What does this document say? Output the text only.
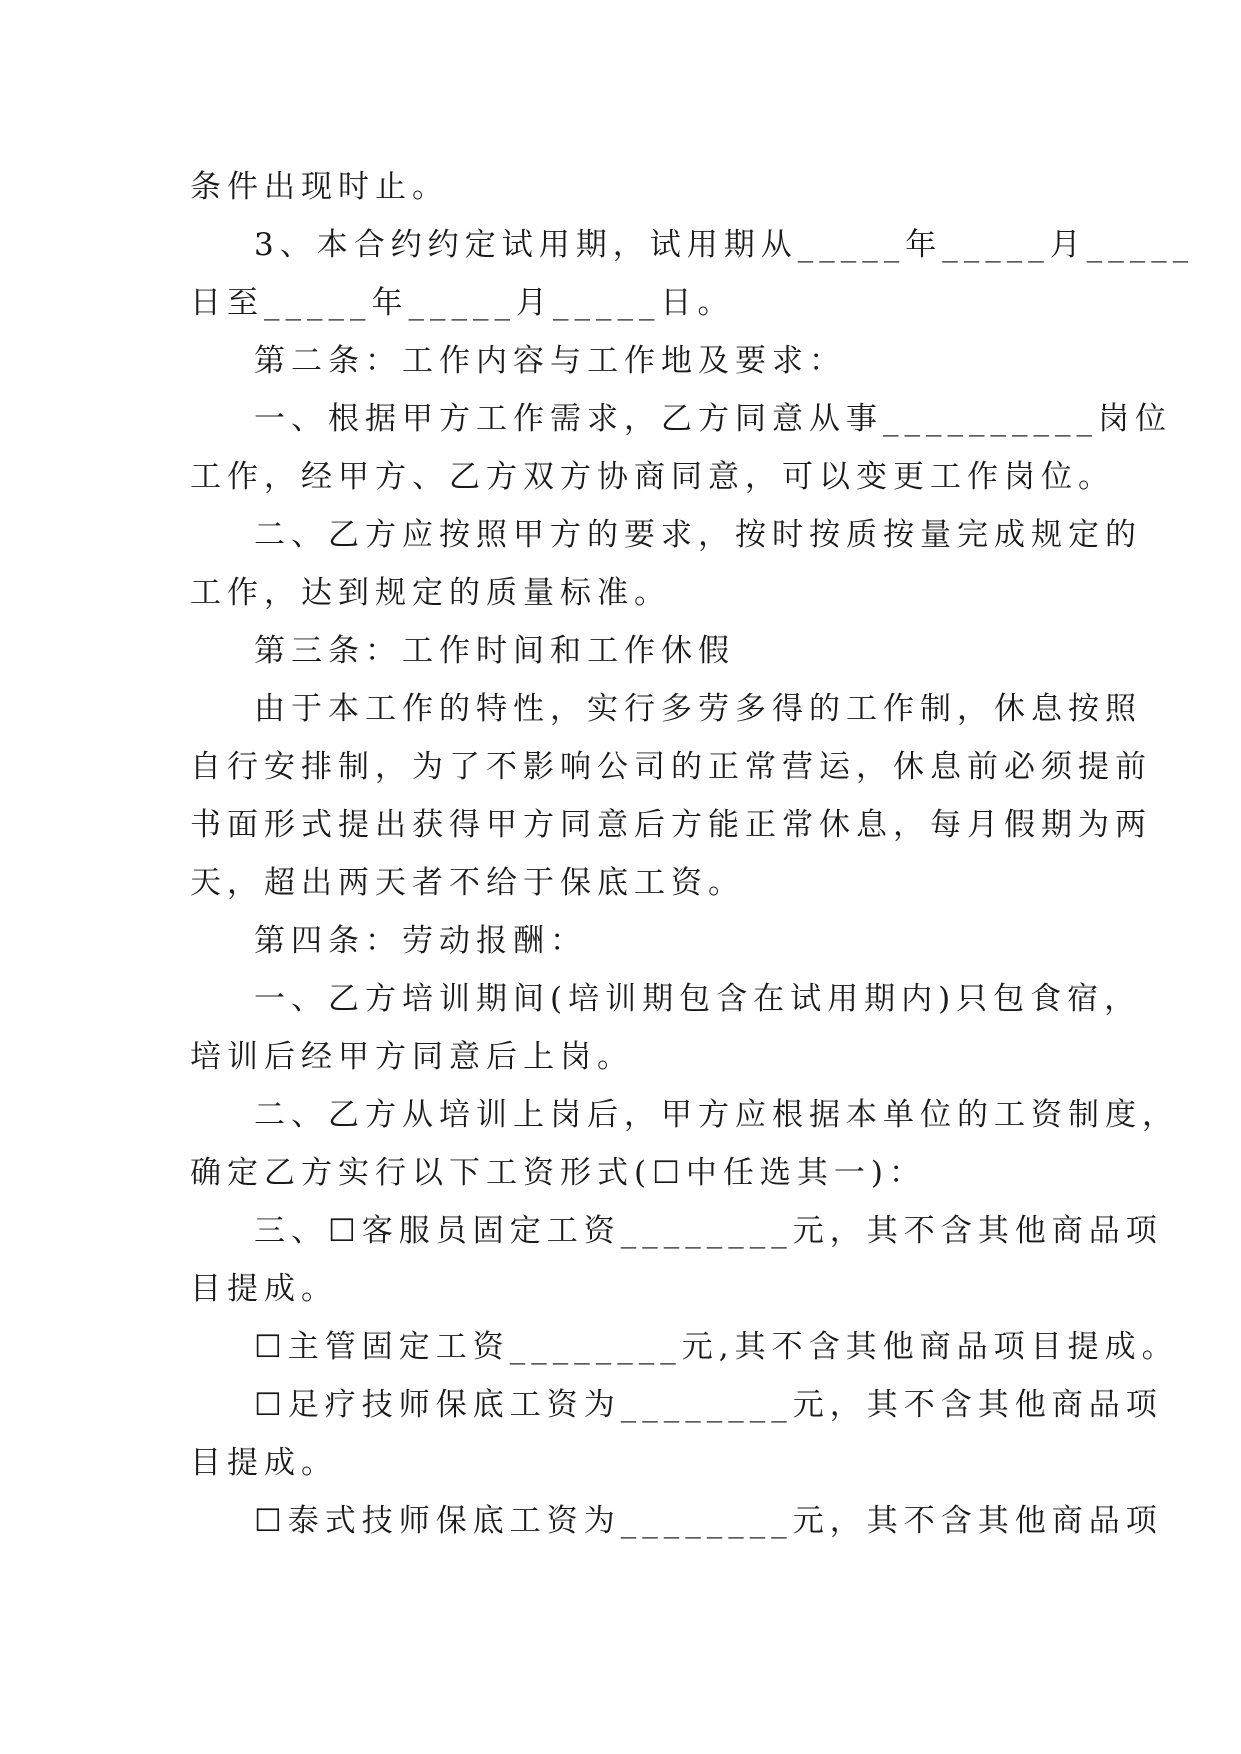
条件出现时止。
3、本合约约定试用期，试用期从_____年_____月_____
日至_____年_____月_____日。
第二条：工作内容与工作地及要求：
一、根据甲方工作需求，乙方同意从事__________岗位
工作，经甲方、乙方双方协商同意，可以变更工作岗位。
二、乙方应按照甲方的要求，按时按质按量完成规定的
工作，达到规定的质量标准。
第三条：工作时间和工作休假
由于本工作的特性，实行多劳多得的工作制，休息按照
自行安排制，为了不影响公司的正常营运，休息前必须提前
书面形式提出获得甲方同意后方能正常休息，每月假期为两
天，超出两天者不给于保底工资。
第四条：劳动报酬：
一、乙方培训期间(培训期包含在试用期内)只包食宿，
培训后经甲方同意后上岗。
二、乙方从培训上岗后，甲方应根据本单位的工资制度，
确定乙方实行以下工资形式(☐中任选其一)：
三、☐客服员固定工资________元，其不含其他商品项
目提成。
☐主管固定工资________元,其不含其他商品项目提成。
☐足疗技师保底工资为________元，其不含其他商品项
目提成。
☐泰式技师保底工资为________元，其不含其他商品项
